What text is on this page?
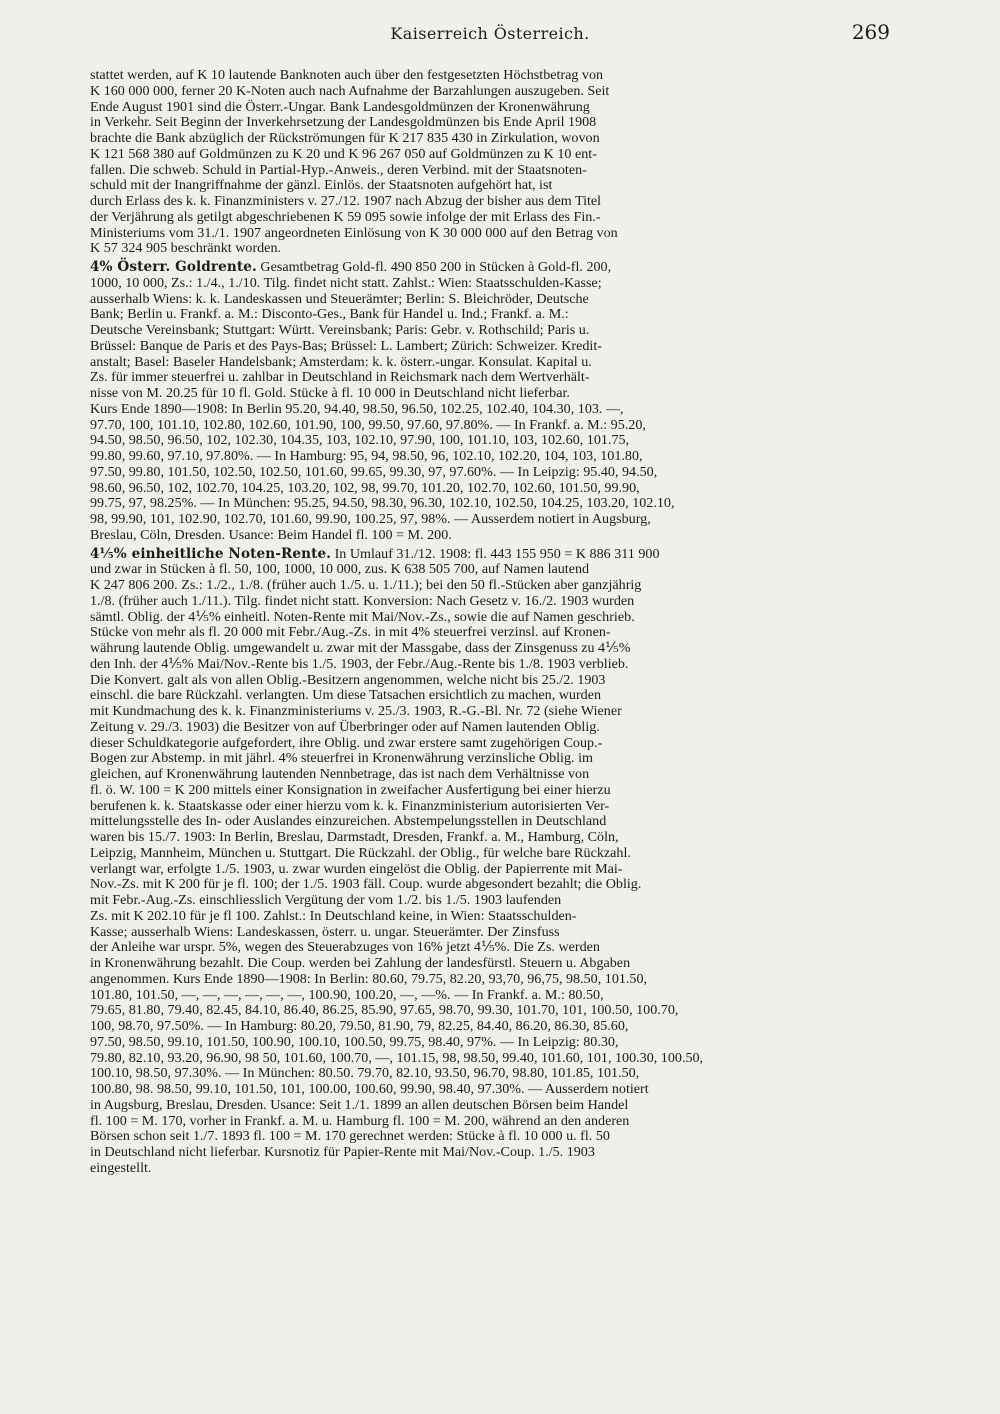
Kaiserreich Österreich.	269

stattet werden, auf K 10 lautende Banknoten auch über den festgesetzten Höchstbetrag von
K 160 000 000, ferner 20 K-Noten auch nach Aufnahme der Barzahlungen auszugeben. Seit
Ende August 1901 sind die Österr.-Ungar. Bank Landesgoldmünzen der Kronenwährung
in Verkehr. Seit Beginn der Inverkehrsetzung der Landesgoldmünzen bis Ende April 1908
brachte die Bank abzüglich der Rückströmungen für K 217 835 430 in Zirkulation, wovon
K 121 568 380 auf Goldmünzen zu K 20 und K 96 267 050 auf Goldmünzen zu K 10 ent-
fallen. Die schweb. Schuld in Partial-Hyp.-Anweis., deren Verbind. mit der Staatsnoten-
schuld mit der Inangriffnahme der gänzl. Einlös. der Staatsnoten aufgehört hat, ist
durch Erlass des k. k. Finanzministers v. 27./12. 1907 nach Abzug der bisher aus dem Titel
der Verjährung als getilgt abgeschriebenen K 59 095 sowie infolge der mit Erlass des Fin.-
Ministeriums vom 31./1. 1907 angeordneten Einlösung von K 30 000 000 auf den Betrag von
K 57 324 905 beschränkt worden.

4% Österr. Goldrente. Gesamtbetrag Gold-fl. 490 850 200 in Stücken à Gold-fl. 200,
1000, 10 000, Zs.: 1./4., 1./10. Tilg. findet nicht statt. Zahlst.: Wien: Staatsschulden-Kasse;
ausserhalb Wiens: k. k. Landeskassen und Steuerämter; Berlin: S. Bleichröder, Deutsche
Bank; Berlin u. Frankf. a. M.: Disconto-Ges., Bank für Handel u. Ind.; Frankf. a. M.:
Deutsche Vereinsbank; Stuttgart: Württ. Vereinsbank; Paris: Gebr. v. Rothschild; Paris u.
Brüssel: Banque de Paris et des Pays-Bas; Brüssel: L. Lambert; Zürich: Schweizer. Kredit-
anstalt; Basel: Baseler Handelsbank; Amsterdam: k. k. österr.-ungar. Konsulat. Kapital u.
Zs. für immer steuerfrei u. zahlbar in Deutschland in Reichsmark nach dem Wertverhält-
nisse von M. 20.25 für 10 fl. Gold. Stücke à fl. 10 000 in Deutschland nicht lieferbar.
Kurs Ende 1890—1908: In Berlin 95.20, 94.40, 98.50, 96.50, 102.25, 102.40, 104.30, 103. —,
97.70, 100, 101.10, 102.80, 102.60, 101.90, 100, 99.50, 97.60, 97.80%. — In Frankf. a. M.: 95.20,
94.50, 98.50, 96.50, 102, 102.30, 104.35, 103, 102.10, 97.90, 100, 101.10, 103, 102.60, 101.75,
99.80, 99.60, 97.10, 97.80%. — In Hamburg: 95, 94, 98.50, 96, 102.10, 102.20, 104, 103, 101.80,
97.50, 99.80, 101.50, 102.50, 102.50, 101.60, 99.65, 99.30, 97, 97.60%. — In Leipzig: 95.40, 94.50,
98.60, 96.50, 102, 102.70, 104.25, 103.20, 102, 98, 99.70, 101.20, 102.70, 102.60, 101.50, 99.90,
99.75, 97, 98.25%. — In München: 95.25, 94.50, 98.30, 96.30, 102.10, 102.50, 104.25, 103.20, 102.10,
98, 99.90, 101, 102.90, 102.70, 101.60, 99.90, 100.25, 97, 98%. — Ausserdem notiert in Augsburg,
Breslau, Cöln, Dresden. Usance: Beim Handel fl. 100 = M. 200.

4⅕% einheitliche Noten-Rente. In Umlauf 31./12. 1908: fl. 443 155 950 = K 886 311 900
und zwar in Stücken à fl. 50, 100, 1000, 10 000, zus. K 638 505 700, auf Namen lautend
K 247 806 200. Zs.: 1./2., 1./8. (früher auch 1./5. u. 1./11.); bei den 50 fl.-Stücken aber ganzjährig
1./8. (früher auch 1./11.). Tilg. findet nicht statt. Konversion: Nach Gesetz v. 16./2. 1903 wurden
sämtl. Oblig. der 4⅕% einheitl. Noten-Rente mit Mai/Nov.-Zs., sowie die auf Namen geschrieb.
Stücke von mehr als fl. 20 000 mit Febr./Aug.-Zs. in mit 4% steuerfrei verzinsl. auf Kronen-
währung lautende Oblig. umgewandelt u. zwar mit der Massgabe, dass der Zinsgenuss zu 4⅕%
den Inh. der 4⅕% Mai/Nov.-Rente bis 1./5. 1903, der Febr./Aug.-Rente bis 1./8. 1903 verblieb.
Die Konvert. galt als von allen Oblig.-Besitzern angenommen, welche nicht bis 25./2. 1903
einschl. die bare Rückzahl. verlangten. Um diese Tatsachen ersichtlich zu machen, wurden
mit Kundmachung des k. k. Finanzministeriums v. 25./3. 1903, R.-G.-Bl. Nr. 72 (siehe Wiener
Zeitung v. 29./3. 1903) die Besitzer von auf Überbringer oder auf Namen lautenden Oblig.
dieser Schuldkategorie aufgefordert, ihre Oblig. und zwar erstere samt zugehörigen Coup.-
Bogen zur Abstemp. in mit jährl. 4% steuerfrei in Kronenwährung verzinsliche Oblig. im
gleichen, auf Kronenwährung lautenden Nennbetrage, das ist nach dem Verhältnisse von
fl. ö. W. 100 = K 200 mittels einer Konsignation in zweifacher Ausfertigung bei einer hierzu
berufenen k. k. Staatskasse oder einer hierzu vom k. k. Finanzministerium autorisierten Ver-
mittelungsstelle des In- oder Auslandes einzureichen. Abstempelungsstellen in Deutschland
waren bis 15./7. 1903: In Berlin, Breslau, Darmstadt, Dresden, Frankf. a. M., Hamburg, Cöln,
Leipzig, Mannheim, München u. Stuttgart. Die Rückzahl. der Oblig., für welche bare Rückzahl.
verlangt war, erfolgte 1./5. 1903, u. zwar wurden eingelöst die Oblig. der Papierrente mit Mai-
Nov.-Zs. mit K 200 für je fl. 100; der 1./5. 1903 fäll. Coup. wurde abgesondert bezahlt; die Oblig.
mit Febr.-Aug.-Zs. einschliesslich Vergütung der vom 1./2. bis 1./5. 1903 laufenden
Zs. mit K 202.10 für je fl 100. Zahlst.: In Deutschland keine, in Wien: Staatsschulden-
Kasse; ausserhalb Wiens: Landeskassen, österr. u. ungar. Steuerämter. Der Zinsfuss
der Anleihe war urspr. 5%, wegen des Steuerabzuges von 16% jetzt 4⅕%. Die Zs. werden
in Kronenwährung bezahlt. Die Coup. werden bei Zahlung der landesfürstl. Steuern u. Abgaben
angenommen. Kurs Ende 1890—1908: In Berlin: 80.60, 79.75, 82.20, 93,70, 96,75, 98.50, 101.50,
101.80, 101.50, —, —, —, —, —, —, 100.90, 100.20, —, —%. — In Frankf. a. M.: 80.50,
79.65, 81.80, 79.40, 82.45, 84.10, 86.40, 86.25, 85.90, 97.65, 98.70, 99.30, 101.70, 101, 100.50, 100.70,
100, 98.70, 97.50%. — In Hamburg: 80.20, 79.50, 81.90, 79, 82.25, 84.40, 86.20, 86.30, 85.60,
97.50, 98.50, 99.10, 101.50, 100.90, 100.10, 100.50, 99.75, 98.40, 97%. — In Leipzig: 80.30,
79.80, 82.10, 93.20, 96.90, 98 50, 101.60, 100.70, —, 101.15, 98, 98.50, 99.40, 101.60, 101, 100.30, 100.50,
100.10, 98.50, 97.30%. — In München: 80.50. 79.70, 82.10, 93.50, 96.70, 98.80, 101.85, 101.50,
100.80, 98. 98.50, 99.10, 101.50, 101, 100.00, 100.60, 99.90, 98.40, 97.30%. — Ausserdem notiert
in Augsburg, Breslau, Dresden. Usance: Seit 1./1. 1899 an allen deutschen Börsen beim Handel
fl. 100 = M. 170, vorher in Frankf. a. M. u. Hamburg fl. 100 = M. 200, während an den anderen
Börsen schon seit 1./7. 1893 fl. 100 = M. 170 gerechnet werden: Stücke à fl. 10 000 u. fl. 50
in Deutschland nicht lieferbar. Kursnotiz für Papier-Rente mit Mai/Nov.-Coup. 1./5. 1903
eingestellt.
